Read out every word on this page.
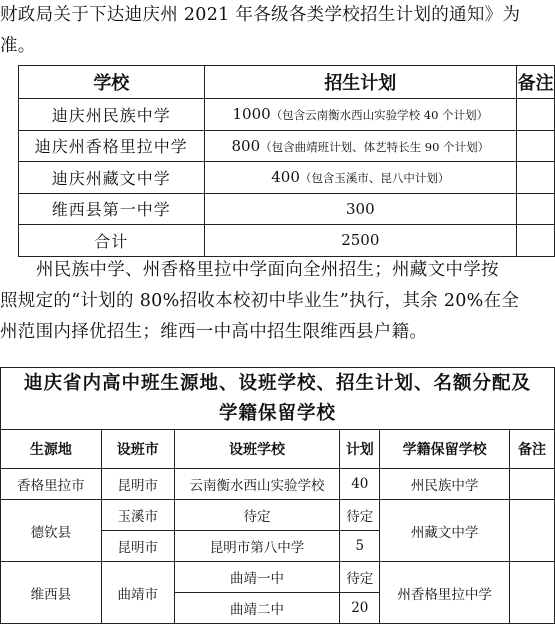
财政局关于下达迪庆州 2021 年各级各类学校招生计划的通知》为
准。
学校	招生计划	备注
迪庆州民族中学	1000（包含云南衡水西山实验学校 40 个计划）	
迪庆州香格里拉中学	800（包含曲靖班计划、体艺特长生 90 个计划）	
迪庆州藏文中学	400（包含玉溪市、昆八中计划）	
维西县第一中学	300	
合计	2500	
州民族中学、州香格里拉中学面向全州招生；州藏文中学按
照规定的“计划的 80%招收本校初中毕业生”执行，其余 20%在全
州范围内择优招生；维西一中高中招生限维西县户籍。
迪庆省内高中班生源地、设班学校、招生计划、名额分配及
学籍保留学校					

生源地	设班市	设班学校	计划	学籍保留学校	备注
香格里拉市	昆明市	云南衡水西山实验学校	40	州民族中学	
德钦县	玉溪市	待定	待定	州藏文中学	
	昆明市	昆明市第八中学	5		
维西县	曲靖市	曲靖一中	待定	州香格里拉中学	
		曲靖二中	20		
